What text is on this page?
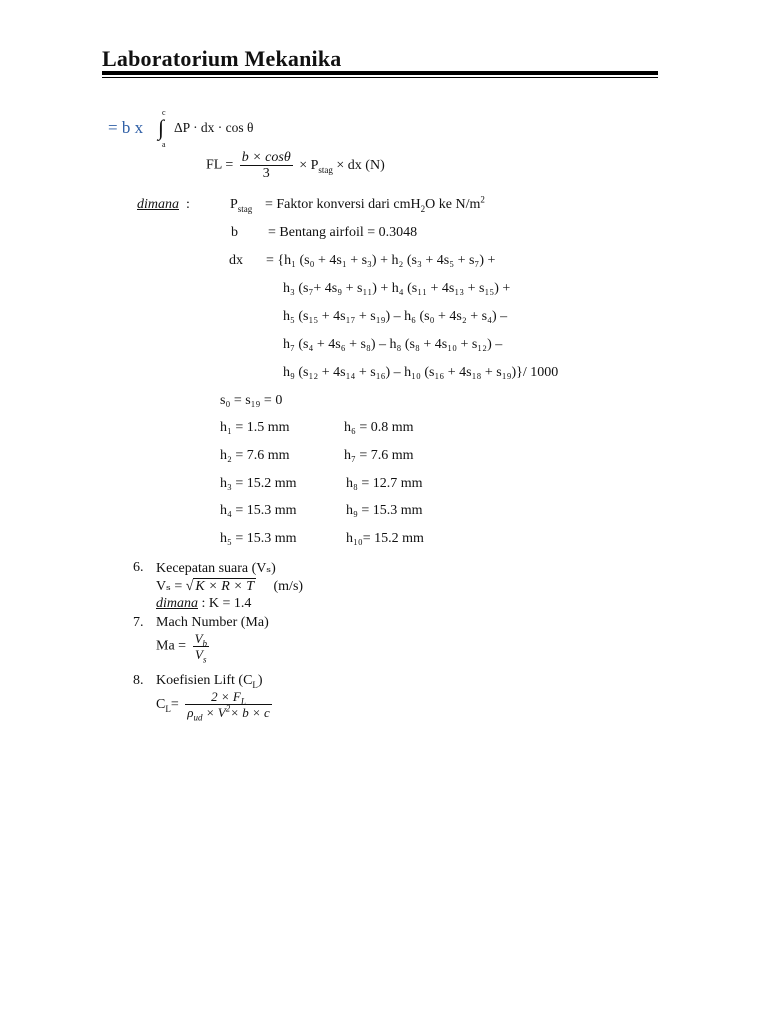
Laboratorium Mekanika
= b x
c
∫
a
ΔP · dx · cos θ
FL = $\frac{b \times \cos\theta}{3} \times P_{stag}$ × dx (N)
dimana :	$P_{stag}$ = Faktor konversi dari cmH$_2$O ke $N/m^2$
b = Bentang airfoil = 0.3048
dx = {h₁ (s₀ + 4s₁ + s₃) + h₂ (s₃ + 4s₅ + s₇) +
h₃ (s₇+ 4s₉ + s₁₁) + h₄ (s₁₁ + 4s₁₃ + s₁₅) +
h₅ (s₁₅ + 4s₁₇ + s₁₉) – h₆ (s₀ + 4s₂ + s₄) –
h₇ (s₄ + 4s₆ + s₈) – h₈ (s₈ + 4s₁₀ + s₁₂) –
h₉ (s₁₂ + 4s₁₄ + s₁₆) – h₁₀ (s₁₆ + 4s₁₈ + s₁₉)}/ 1000
s₀ = s₁₉ = 0
h₁ = 1.5 mm
h₂ = 7.6 mm
h₃ = 15.2 mm
h₄ = 15.3 mm
h₅ = 15.3 mm
h₆ = 0.8 mm
h₇ = 7.6 mm
h₈ = 12.7 mm
h₉ = 15.3 mm
h₁₀= 15.2 mm
6. Kecepatan suara (Vₛ)
Vₛ = √ K × R × T (m/s)
dimana : K = 1.4
7. Mach Number (Ma)
$Ma = \frac{V_b}{V_s}$
8. Koefisien Lift $(C_L)$
$C_L= \frac{2 \times F_L}{\rho_{ud} \times V^2\times b \times c}$
